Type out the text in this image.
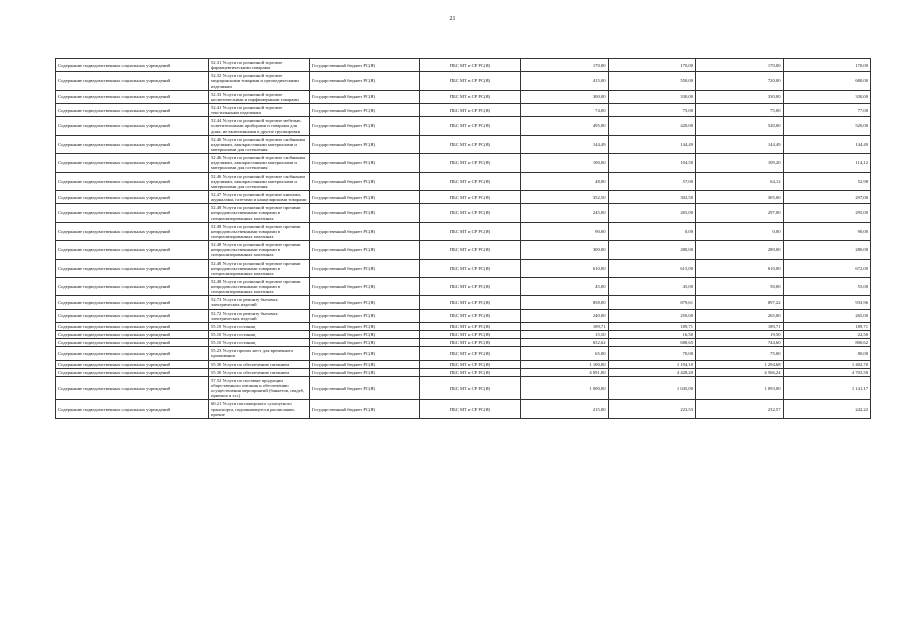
21
Содержание подведомственных социальных учреждений	52.31 Услуги по розничной торговле фармацевтическими товарами	Государственный бюджет РС(Я)	ПБС МТ и СР РС(Я)	170,00	170,00	170,00	170,00
Содержание подведомственных социальных учреждений	52.32 Услуги по розничной торговле медицинскими товарами и ортопедическими изделиями	Государственный бюджет РС(Я)	ПБС МТ и СР РС(Я)	415,00	550,00	720,00	680,00
Содержание подведомственных социальных учреждений	52.33 Услуги по розничной торговле косметическими и парфюмерными товарами	Государственный бюджет РС(Я)	ПБС МТ и СР РС(Я)	300,00	330,00	330,00	330,00
Содержание подведомственных социальных учреждений	52.41 Услуги по розничной торговле текстильными изделиями	Государственный бюджет РС(Я)	ПБС МТ и СР РС(Я)	74,00	75,00	75,00	77,00
Содержание подведомственных социальных учреждений	52.44 Услуги по розничной торговле мебелью, осветительными приборами и товарами для дома, не включенными в другие группировки	Государственный бюджет РС(Я)	ПБС МТ и СР РС(Я)	495,00	420,00	520,00	520,00
Содержание подведомственных социальных учреждений	52.46 Услуги по розничной торговле скобяными изделиями, лакокрасочными материалами и материалами для остекления	Государственный бюджет РС(Я)	ПБС МТ и СР РС(Я)	144,49	144,49	144,49	144,49
Содержание подведомственных социальных учреждений	52.46 Услуги по розничной торговле скобяными изделиями, лакокрасочными материалами и материалами для остекления	Государственный бюджет РС(Я)	ПБС МТ и СР РС(Я)	100,00	104,50	109,20	114,12
Содержание подведомственных социальных учреждений	52.46 Услуги по розничной торговле скобяными изделиями, лакокрасочными материалами и материалами для остекления	Государственный бюджет РС(Я)	ПБС МТ и СР РС(Я)	48,00	57,00	64,12	52,98
Содержание подведомственных социальных учреждений	52.47 Услуги по розничной торговле книгами, журналами, газетами и канцелярскими товарами	Государственный бюджет РС(Я)	ПБС МТ и СР РС(Я)	352,50	302,50	305,00	297,00
Содержание подведомственных социальных учреждений	52.48 Услуги по розничной торговле прочими непродовольственными товарами в специализированных магазинах	Государственный бюджет РС(Я)	ПБС МТ и СР РС(Я)	245,00	265,00	297,00	295,00
Содержание подведомственных социальных учреждений	52.48 Услуги по розничной торговле прочими непродовольственными товарами в специализированных магазинах	Государственный бюджет РС(Я)	ПБС МТ и СР РС(Я)	90,00	0,00	0,00	90,00
Содержание подведомственных социальных учреждений	52.48 Услуги по розничной торговле прочими непродовольственными товарами в специализированных магазинах	Государственный бюджет РС(Я)	ПБС МТ и СР РС(Я)	300,00	280,00	280,00	280,00
Содержание подведомственных социальных учреждений	52.48 Услуги по розничной торговле прочими непродовольственными товарами в специализированных магазинах	Государственный бюджет РС(Я)	ПБС МТ и СР РС(Я)	610,00	615,00	610,00	672,00
Содержание подведомственных социальных учреждений	52.48 Услуги по розничной торговле прочими непродовольственными товарами в специализированных магазинах	Государственный бюджет РС(Я)	ПБС МТ и СР РС(Я)	45,00	45,00	50,00	55,00
Содержание подведомственных социальных учреждений	52.73 Услуги по ремонту бытовых электрических изделий	Государственный бюджет РС(Я)	ПБС МТ и СР РС(Я)	858,00	879,61	897,22	933,96
Содержание подведомственных социальных учреждений	52.72 Услуги по ремонту бытовых электрических изделий	Государственный бюджет РС(Я)	ПБС МТ и СР РС(Я)	240,00	250,00	265,00	265,00
Содержание подведомственных социальных учреждений	55.10 Услуги гостиниц	Государственный бюджет РС(Я)	ПБС МТ и СР РС(Я)	189,71	189,71	189,71	189,71
Содержание подведомственных социальных учреждений	55.10 Услуги гостиниц	Государственный бюджет РС(Я)	ПБС МТ и СР РС(Я)	15,50	16,50	19,50	22,50
Содержание подведомственных социальных учреждений	55.10 Услуги гостиниц	Государственный бюджет РС(Я)	ПБС МТ и СР РС(Я)	652,62	688,65	744,60	800,62
Содержание подведомственных социальных учреждений	55.23 Услуги прочих мест для временного проживания	Государственный бюджет РС(Я)	ПБС МТ и СР РС(Я)	65,00	70,00	75,00	80,00
Содержание подведомственных социальных учреждений	55.30 Услуги по обеспечению питанием	Государственный бюджет РС(Я)	ПБС МТ и СР РС(Я)	1 100,00	1 194,10	1 294,68	1 402,70
Содержание подведомственных социальных учреждений	55.30 Услуги по обеспечению питанием	Государственный бюджет РС(Я)	ПБС МТ и СР РС(Я)	4 091,00	4 428,20	4 566,24	4 703,50
Содержание подведомственных социальных учреждений	57.52 Услуги по поставке продукции общественного питания и обеспечению осуществления мероприятий (банкетов, свадеб, приемов и т.п.)	Государственный бюджет РС(Я)	ПБС МТ и СР РС(Я)	1 000,00	1 045,00	1 093,00	1 141,17
Содержание подведомственных социальных учреждений	60.21 Услуги пассажирского сухопутного транспорта, подчиняющегося расписанию, прочие	Государственный бюджет РС(Я)	ПБС МТ и СР РС(Я)	215,00	223,53	232,57	242,22
